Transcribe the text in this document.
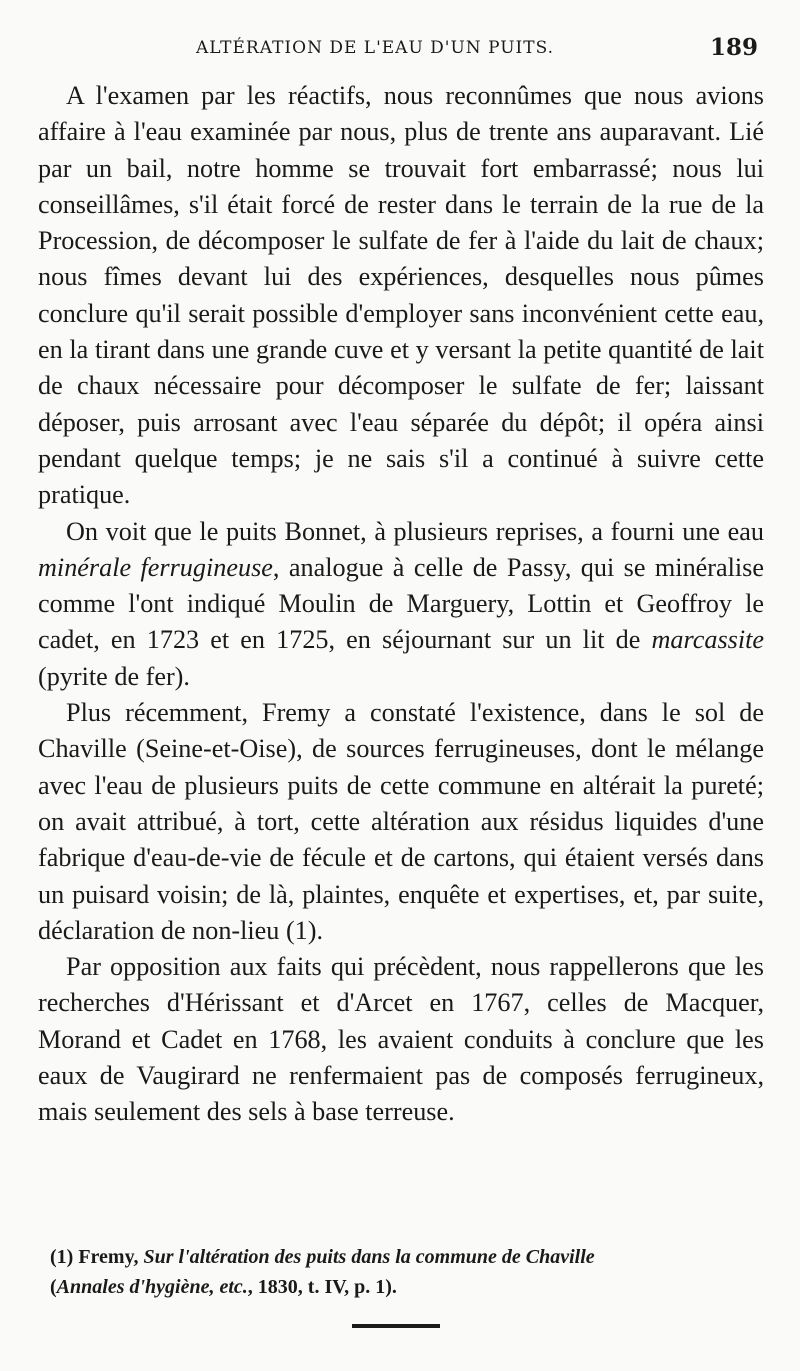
ALTÉRATION DE L'EAU D'UN PUITS.	189

A l'examen par les réactifs, nous reconnûmes que nous avions affaire à l'eau examinée par nous, plus de trente ans auparavant. Lié par un bail, notre homme se trouvait fort embarrassé; nous lui conseillâmes, s'il était forcé de rester dans le terrain de la rue de la Procession, de décomposer le sulfate de fer à l'aide du lait de chaux; nous fîmes devant lui des expériences, desquelles nous pûmes conclure qu'il serait possible d'employer sans inconvénient cette eau, en la tirant dans une grande cuve et y versant la petite quantité de lait de chaux nécessaire pour décomposer le sulfate de fer; laissant déposer, puis arrosant avec l'eau séparée du dépôt; il opéra ainsi pendant quelque temps; je ne sais s'il a continué à suivre cette pratique.

On voit que le puits Bonnet, à plusieurs reprises, a fourni une eau minérale ferrugineuse, analogue à celle de Passy, qui se minéralise comme l'ont indiqué Moulin de Marguery, Lottin et Geoffroy le cadet, en 1723 et en 1725, en séjournant sur un lit de marcassite (pyrite de fer).

Plus récemment, Fremy a constaté l'existence, dans le sol de Chaville (Seine-et-Oise), de sources ferrugineuses, dont le mélange avec l'eau de plusieurs puits de cette commune en altérait la pureté; on avait attribué, à tort, cette altération aux résidus liquides d'une fabrique d'eau-de-vie de fécule et de cartons, qui étaient versés dans un puisard voisin; de là, plaintes, enquête et expertises, et, par suite, déclaration de non-lieu (1).

Par opposition aux faits qui précèdent, nous rappellerons que les recherches d'Hérissant et d'Arcet en 1767, celles de Macquer, Morand et Cadet en 1768, les avaient conduits à conclure que les eaux de Vaugirard ne renfermaient pas de composés ferrugineux, mais seulement des sels à base terreuse.

(1) Fremy, Sur l'altération des puits dans la commune de Chaville
(Annales d'hygiène, etc., 1830, t. IV, p. 1).
